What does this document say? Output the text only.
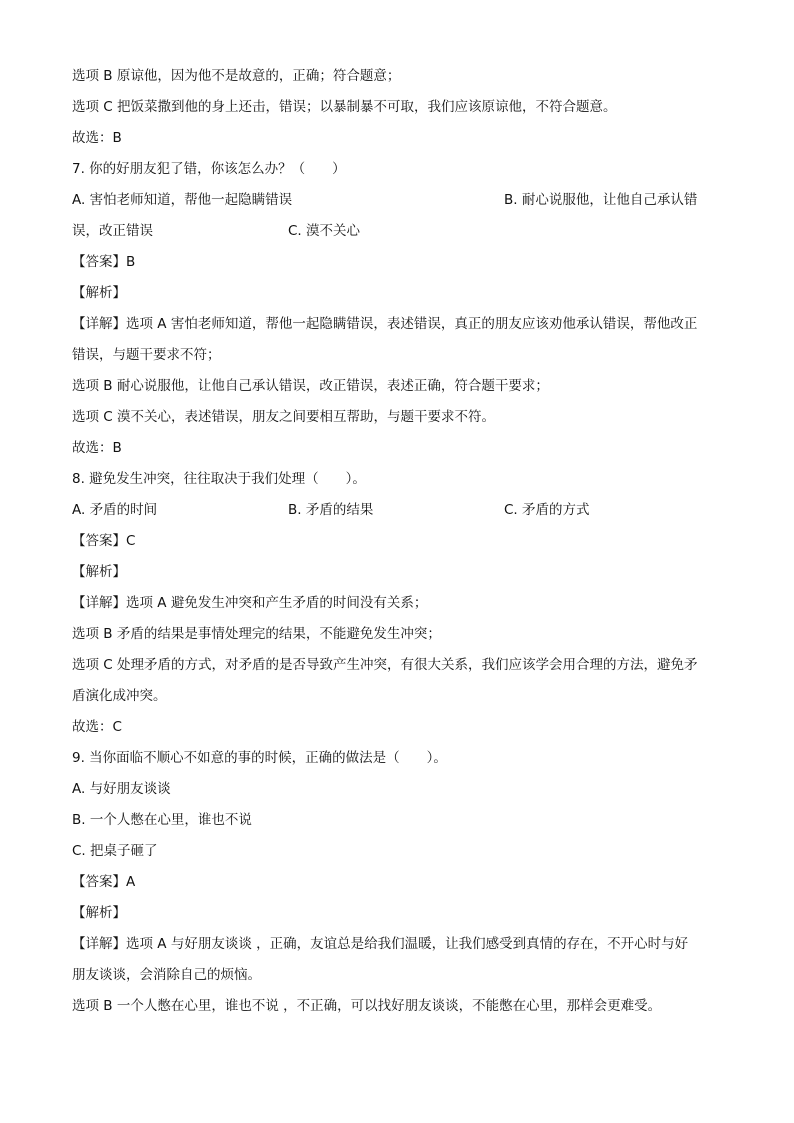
选项 B 原谅他，因为他不是故意的，正确；符合题意；
选项 C 把饭菜撒到他的身上还击，错误；以暴制暴不可取，我们应该原谅他，不符合题意。
故选：B
7. 你的好朋友犯了错，你该怎么办？（　　）
A. 害怕老师知道，帮他一起隐瞒错误	B. 耐心说服他，让他自己承认错
误，改正错误	C. 漠不关心
【答案】B
【解析】
【详解】选项 A 害怕老师知道，帮他一起隐瞒错误，表述错误，真正的朋友应该劝他承认错误，帮他改正
错误，与题干要求不符；
选项 B 耐心说服他，让他自己承认错误，改正错误，表述正确，符合题干要求；
选项 C 漠不关心，表述错误，朋友之间要相互帮助，与题干要求不符。
故选：B
8. 避免发生冲突，往往取决于我们处理（　　）。
A. 矛盾的时间	B. 矛盾的结果	C. 矛盾的方式
【答案】C
【解析】
【详解】选项 A 避免发生冲突和产生矛盾的时间没有关系；
选项 B 矛盾的结果是事情处理完的结果，不能避免发生冲突；
选项 C 处理矛盾的方式，对矛盾的是否导致产生冲突，有很大关系，我们应该学会用合理的方法，避免矛
盾演化成冲突。
故选：C
9. 当你面临不顺心不如意的事的时候，正确的做法是（　　）。
A. 与好朋友谈谈
B. 一个人憋在心里，谁也不说
C. 把桌子砸了
【答案】A
【解析】
【详解】选项 A 与好朋友谈谈 ，正确，友谊总是给我们温暖，让我们感受到真情的存在，不开心时与好
朋友谈谈，会消除自己的烦恼。
选项 B 一个人憋在心里，谁也不说 ，不正确，可以找好朋友谈谈，不能憋在心里，那样会更难受。
